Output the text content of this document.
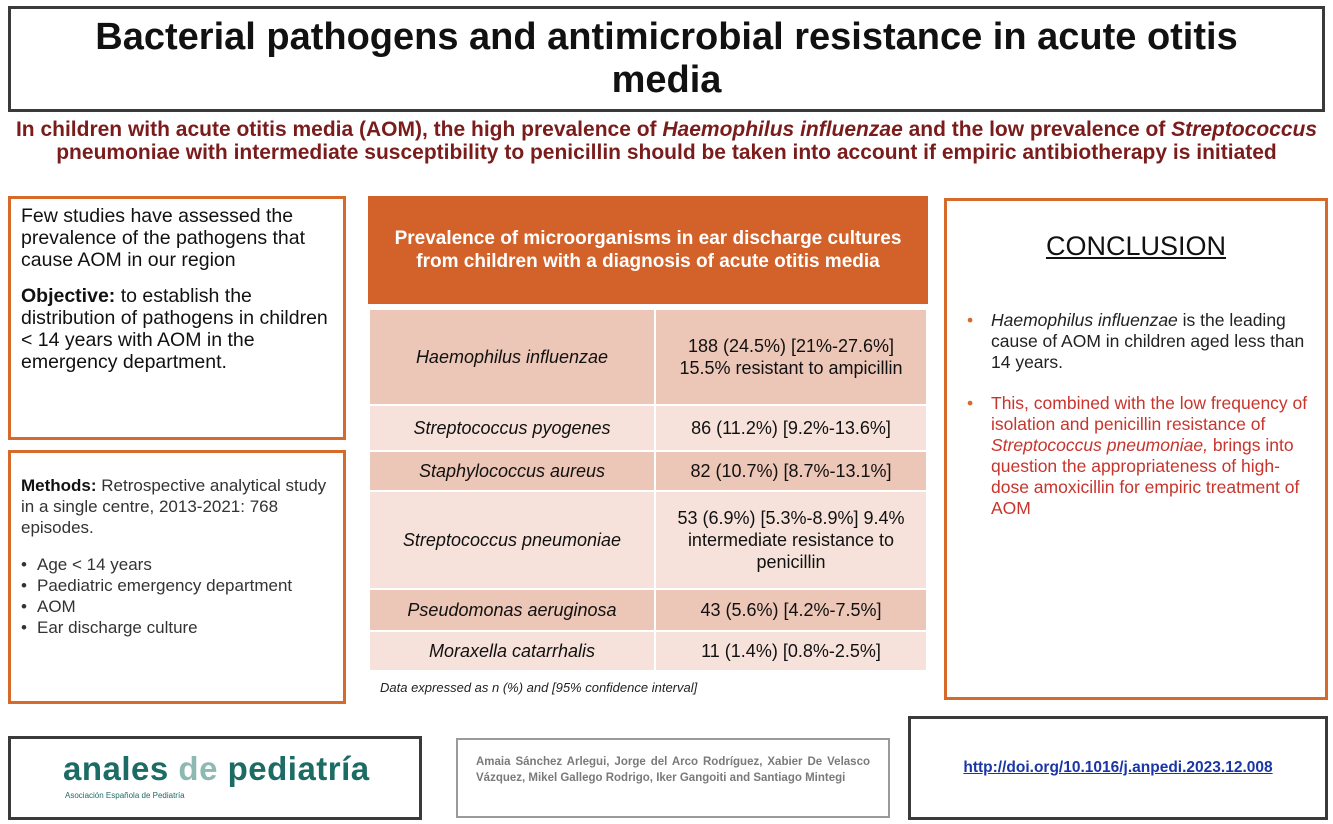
Bacterial pathogens and antimicrobial resistance in acute otitis media
In children with acute otitis media (AOM), the high prevalence of Haemophilus influenzae and the low prevalence of Streptococcus pneumoniae with intermediate susceptibility to penicillin should be taken into account if empiric antibiotherapy is initiated

Few studies have assessed the prevalence of the pathogens that cause AOM in our region

Objective: to establish the distribution of pathogens in children < 14 years with AOM in the emergency department.

Methods: Retrospective analytical study in a single centre, 2013-2021: 768 episodes.

• Age < 14 years
• Paediatric emergency department
• AOM
• Ear discharge culture
Prevalence of microorganisms in ear discharge cultures from children with a diagnosis of acute otitis media
Haemophilus influenzae	188 (24.5%) [21%-27.6%] 15.5% resistant to ampicillin
Streptococcus pyogenes	86 (11.2%) [9.2%-13.6%]
Staphylococcus aureus	82 (10.7%) [8.7%-13.1%]
Streptococcus pneumoniae	53 (6.9%) [5.3%-8.9%] 9.4% intermediate resistance to penicillin
Pseudomonas aeruginosa	43 (5.6%) [4.2%-7.5%]
Moraxella catarrhalis	11 (1.4%) [0.8%-2.5%]
Data expressed as n (%) and [95% confidence interval]
CONCLUSION
• Haemophilus influenzae is the leading cause of AOM in children aged less than 14 years.
• This, combined with the low frequency of isolation and penicillin resistance of Streptococcus pneumoniae, brings into question the appropriateness of high-dose amoxicillin for empiric treatment of AOM
anales de pediatría
Asociación Española de Pediatría
Amaia Sánchez Arlegui, Jorge del Arco Rodríguez, Xabier De Velasco Vázquez, Mikel Gallego Rodrigo, Iker Gangoiti and Santiago Mintegi
http://doi.org/10.1016/j.anpedi.2023.12.008
